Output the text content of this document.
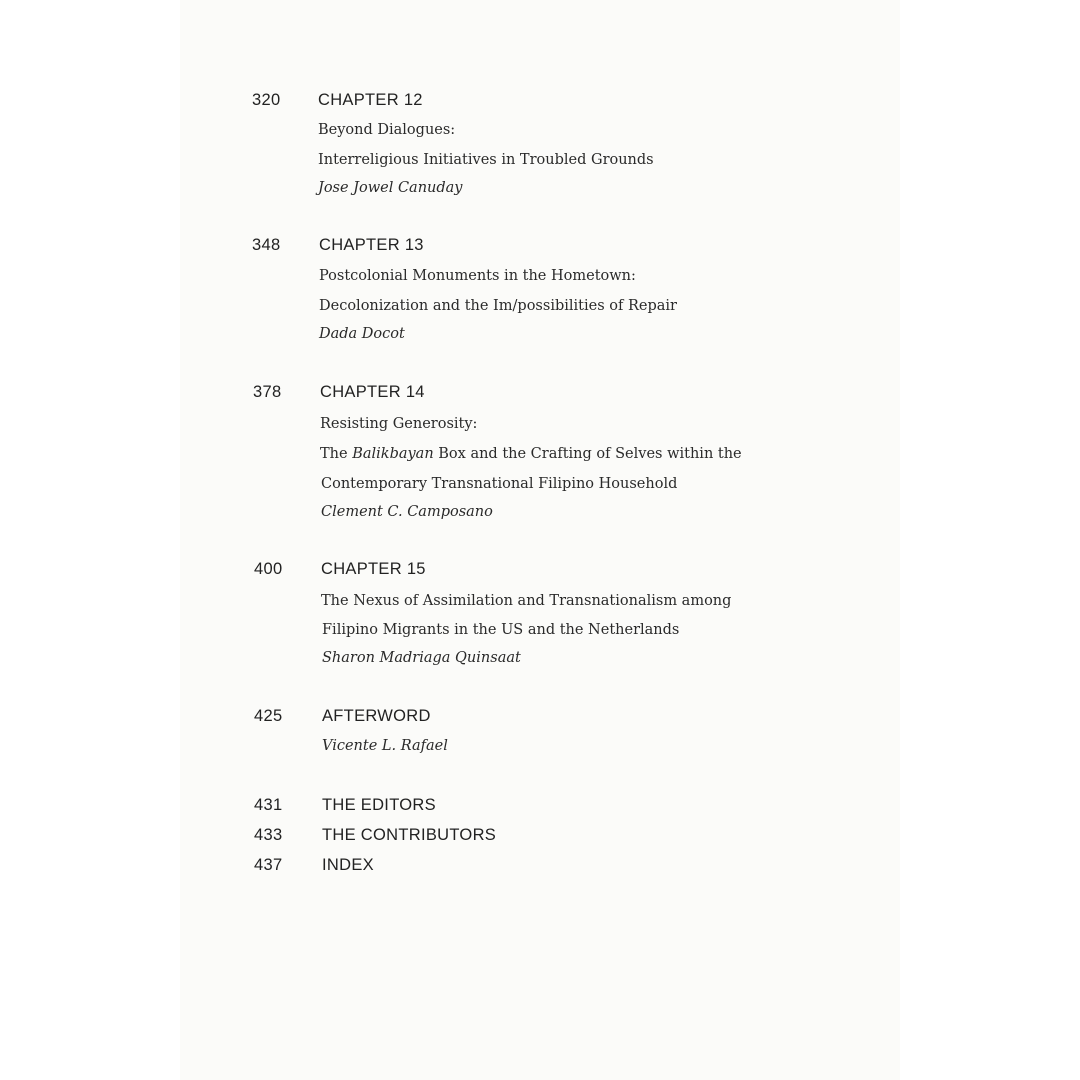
320 CHAPTER 12
Beyond Dialogues:
Interreligious Initiatives in Troubled Grounds
Jose Jowel Canuday
348 CHAPTER 13
Postcolonial Monuments in the Hometown:
Decolonization and the Im/possibilities of Repair
Dada Docot
378 CHAPTER 14
Resisting Generosity:
The Balikbayan Box and the Crafting of Selves within the
Contemporary Transnational Filipino Household
Clement C. Camposano
400 CHAPTER 15
The Nexus of Assimilation and Transnationalism among
Filipino Migrants in the US and the Netherlands
Sharon Madriaga Quinsaat
425 AFTERWORD
Vicente L. Rafael
431 THE EDITORS
433 THE CONTRIBUTORS
437 INDEX
